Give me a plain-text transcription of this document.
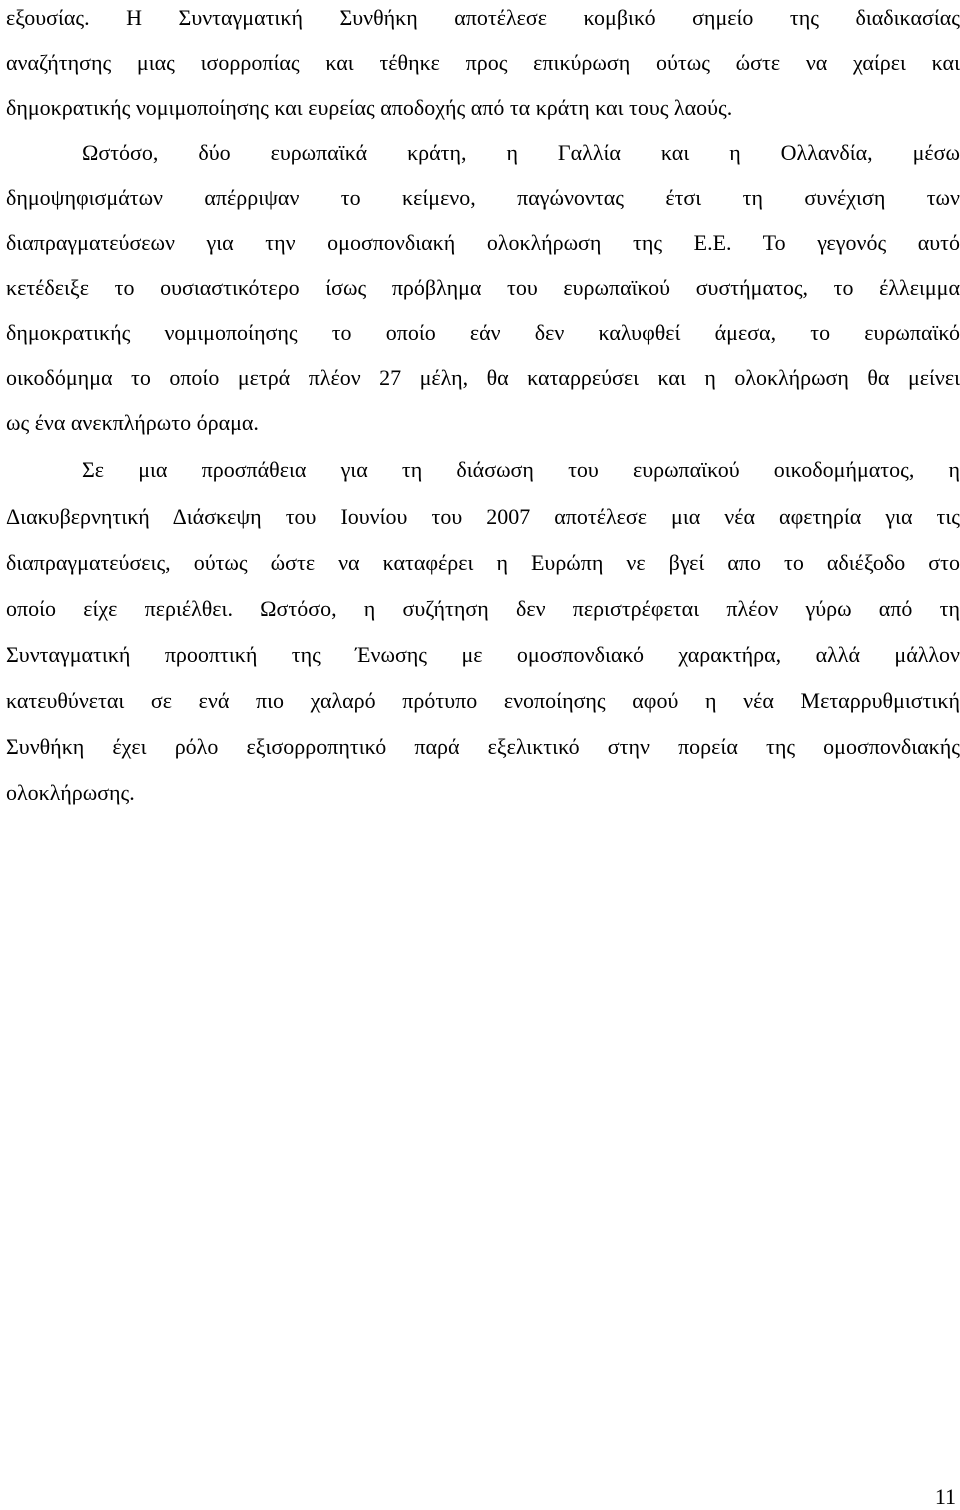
εξουσίας. Η Συνταγματική Συνθήκη αποτέλεσε κομβικό σημείο της διαδικασίας
αναζήτησης μιας ισορροπίας και τέθηκε προς επικύρωση ούτως ώστε να χαίρει και
δημοκρατικής νομιμοποίησης και ευρείας αποδοχής από τα κράτη και τους λαούς.
Ωστόσο, δύο ευρωπαϊκά κράτη, η Γαλλία και η Ολλανδία, μέσω
δημοψηφισμάτων απέρριψαν το κείμενο, παγώνοντας έτσι τη συνέχιση των
διαπραγματεύσεων για την ομοσπονδιακή ολοκλήρωση της Ε.Ε. Το γεγονός αυτό
κετέδειξε το ουσιαστικότερο ίσως πρόβλημα του ευρωπαϊκού συστήματος, το έλλειμμα
δημοκρατικής νομιμοποίησης το οποίο εάν δεν καλυφθεί άμεσα, το ευρωπαϊκό
οικοδόμημα το οποίο μετρά πλέον 27 μέλη, θα καταρρεύσει και η ολοκλήρωση θα μείνει
ως ένα ανεκπλήρωτο όραμα.
Σε μια προσπάθεια για τη διάσωση του ευρωπαϊκού οικοδομήματος, η
Διακυβερνητική Διάσκεψη του Ιουνίου του 2007 αποτέλεσε μια νέα αφετηρία για τις
διαπραγματεύσεις, ούτως ώστε να καταφέρει η Ευρώπη νε βγεί απο το αδιέξοδο στο
οποίο είχε περιέλθει. Ωστόσο, η συζήτηση δεν περιστρέφεται πλέον γύρω από τη
Συνταγματική προοπτική της Ένωσης με ομοσπονδιακό χαρακτήρα, αλλά μάλλον
κατευθύνεται σε ενά πιο χαλαρό πρότυπο ενοποίησης αφού η νέα Μεταρρυθμιστική
Συνθήκη έχει ρόλο εξισορροπητικό παρά εξελικτικό στην πορεία της ομοσπονδιακής
ολοκλήρωσης.
11
